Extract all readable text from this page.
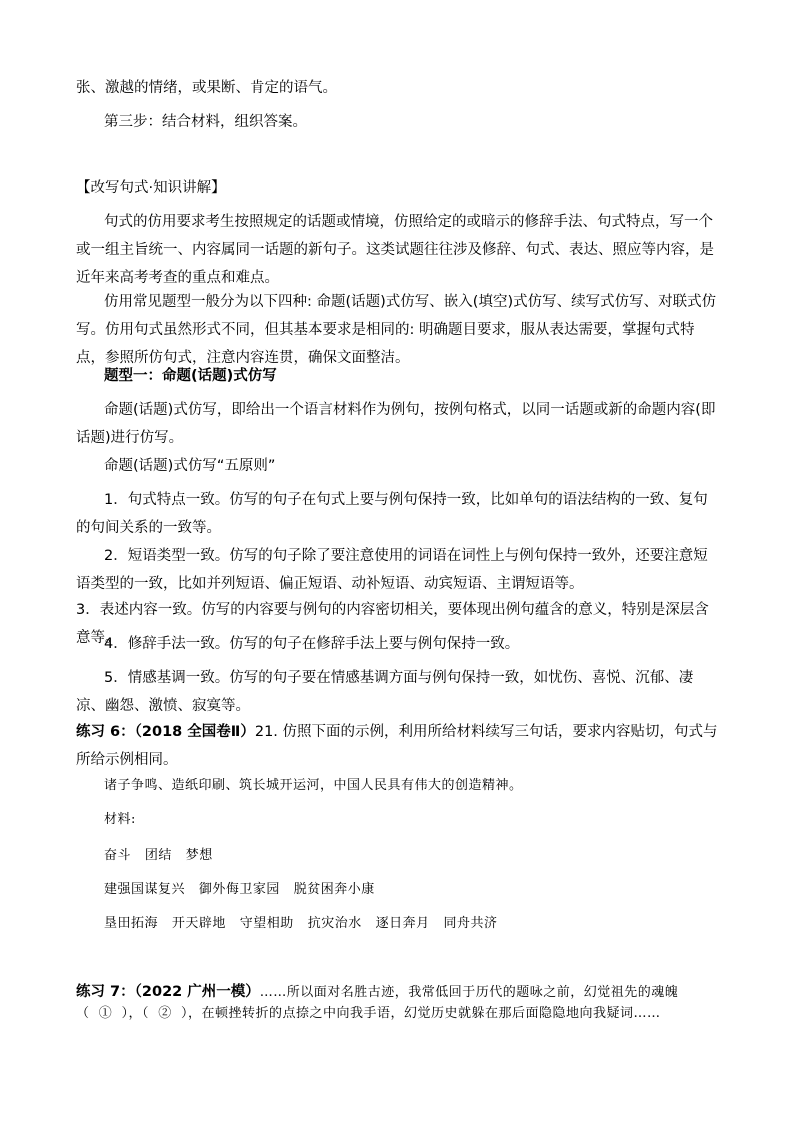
张、激越的情绪，或果断、肯定的语气。

第三步：结合材料，组织答案。

【改写句式·知识讲解】

句式的仿用要求考生按照规定的话题或情境，仿照给定的或暗示的修辞手法、句式特点，写一个或一组主旨统一、内容属同一话题的新句子。这类试题往往涉及修辞、句式、表达、照应等内容，是近年来高考考查的重点和难点。

仿用常见题型一般分为以下四种: 命题(话题)式仿写、嵌入(填空)式仿写、续写式仿写、对联式仿写。仿用句式虽然形式不同，但其基本要求是相同的: 明确题目要求，服从表达需要，掌握句式特点，参照所仿句式，注意内容连贯，确保文面整洁。

题型一：命题(话题)式仿写

命题(话题)式仿写，即给出一个语言材料作为例句，按例句格式，以同一话题或新的命题内容(即话题)进行仿写。

命题(话题)式仿写“五原则”

1．句式特点一致。仿写的句子在句式上要与例句保持一致，比如单句的语法结构的一致、复句的句间关系的一致等。

2．短语类型一致。仿写的句子除了要注意使用的词语在词性上与例句保持一致外，还要注意短语类型的一致，比如并列短语、偏正短语、动补短语、动宾短语、主谓短语等。

3．表述内容一致。仿写的内容要与例句的内容密切相关，要体现出例句蕴含的意义，特别是深层含意等。

4．修辞手法一致。仿写的句子在修辞手法上要与例句保持一致。

5．情感基调一致。仿写的句子要在情感基调方面与例句保持一致，如忧伤、喜悦、沉郁、凄凉、幽怨、激愤、寂寞等。

练习 6：（2018 全国卷Ⅱ）21. 仿照下面的示例，利用所给材料续写三句话，要求内容贴切，句式与所给示例相同。

诸子争鸣、造纸印刷、筑长城开运河，中国人民具有伟大的创造精神。

材料:

奋斗   团结   梦想

建强国谋复兴   御外侮卫家园   脱贫困奔小康

垦田拓海   开天辟地   守望相助   抗灾治水   逐日奔月   同舟共济

练习 7：（2022 广州一模）……所以面对名胜古迹，我常低回于历代的题咏之前，幻觉祖先的魂魄

（  ①  ），（  ②  ），在顿挫转折的点捺之中向我手语，幻觉历史就躲在那后面隐隐地向我疑词……
